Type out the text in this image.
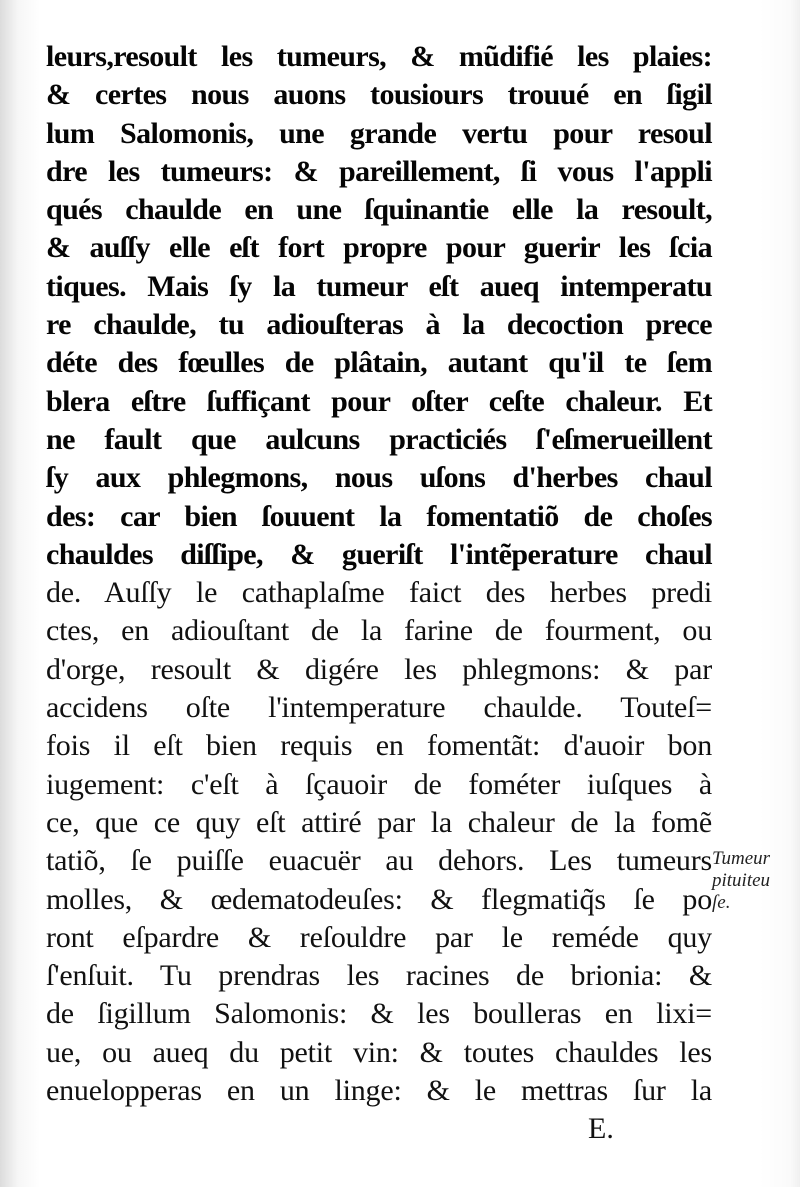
leurs,resoult les tumeurs, & mũdifié les plaies:
& certes nous auons tousiours trouué en ſigil
lum Salomonis, une grande vertu pour resoul
dre les tumeurs: & pareillement, ſi vous l'appli
qués chaulde en une ſquinantie elle la resoult,
& auſſy elle eſt fort propre pour guerir les ſcia
tiques. Mais ſy la tumeur eſt aueq intemperatu
re chaulde, tu adiouſteras à la decoction prece
déte des fœulles de plâtain, autant qu'il te ſem
blera eſtre ſuffiçant pour oſter ceſte chaleur. Et
ne fault que aulcuns practiciés ſ'eſmerueillent
ſy aux phlegmons, nous uſons d'herbes chaul
des: car bien ſouuent la fomentatiõ de choſes
chauldes diſſipe, & gueriſt l'intẽperature chaul
de. Auſſy le cathaplaſme faict des herbes predi
ctes, en adiouſtant de la farine de fourment, ou
d'orge, resoult & digére les phlegmons: & par
accidens oſte l'intemperature chaulde. Touteſ=
fois il eſt bien requis en fomentãt: d'auoir bon
iugement: c'eſt à ſçauoir de fométer iuſques à
ce, que ce quy eſt attiré par la chaleur de la fomẽ
tatiõ, ſe puiſſe euacuër au dehors. Les tumeurs
molles, & œdematodeuſes: & flegmatiq̃s ſe po
ront eſpardre & reſouldre par le reméde quy
ſ'enſuit. Tu prendras les racines de brionia: &
de ſigillum Salomonis: & les boulleras en lixi=
ue, ou aueq du petit vin: & toutes chauldes les
enuelopperas en un linge: & le mettras ſur la
Tumeur
pituiteu
ſe.
E.
